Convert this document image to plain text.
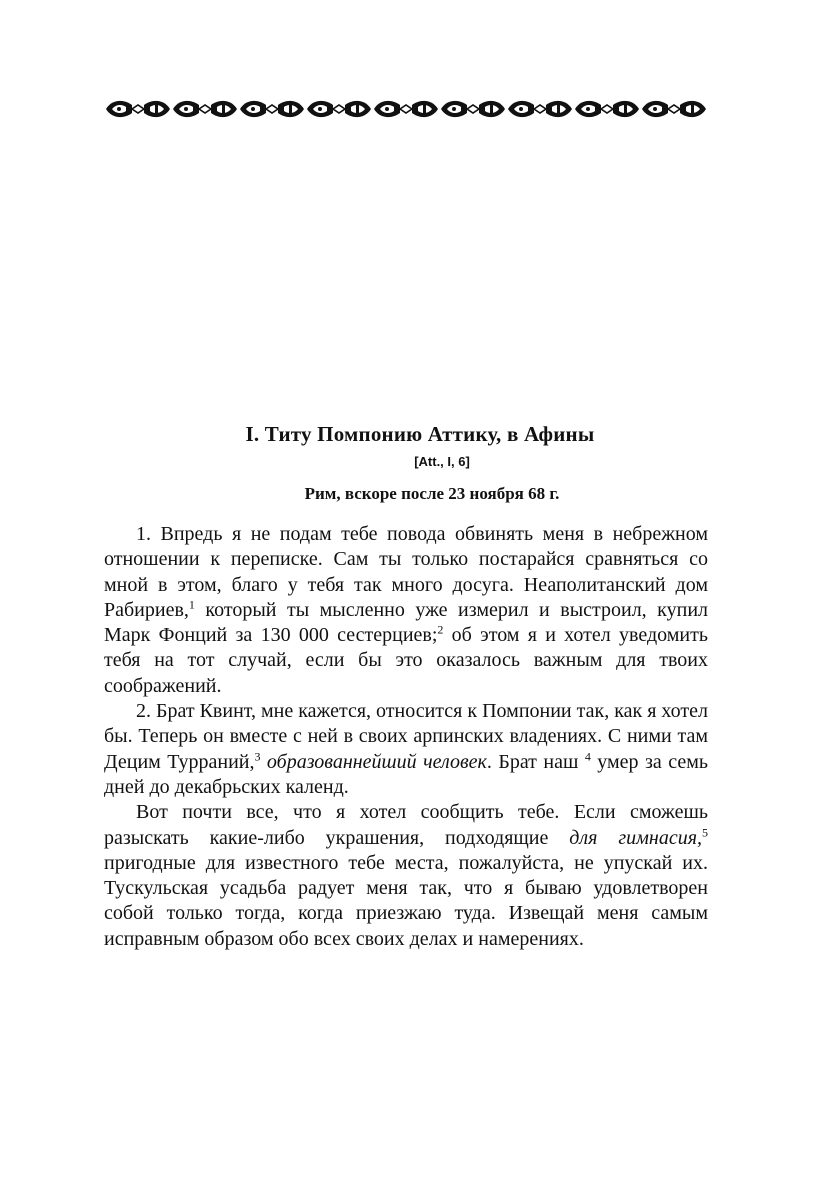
I. Титу Помпонию Аттику, в Афины
[Att., I, 6]
Рим, вскоре после 23 ноября 68 г.

1. Впредь я не подам тебе повода обвинять меня в небрежном отношении к переписке. Сам ты только постарайся сравняться со мной в этом, благо у тебя так много досуга. Неаполитанский дом Рабириев,$^1$ который ты мысленно уже измерил и выстроил, купил Марк Фонций за 130 000 сестерциев;$^2$ об этом я и хотел уведомить тебя на тот случай, если бы это оказалось важным для твоих соображений.

2. Брат Квинт, мне кажется, относится к Помпонии так, как я хотел бы. Теперь он вместе с ней в своих арпинских владениях. С ними там Децим Турраний,$^3$ образованнейший человек. Брат наш $^4$ умер за семь дней до декабрьских календ.

Вот почти все, что я хотел сообщить тебе. Если сможешь разыскать какие-либо украшения, подходящие для гимнасия,$^5$ пригодные для известного тебе места, пожалуйста, не упускай их. Тускульская усадьба радует меня так, что я бываю удовлетворен собой только тогда, когда приезжаю туда. Извещай меня самым исправным образом обо всех своих делах и намерениях.
